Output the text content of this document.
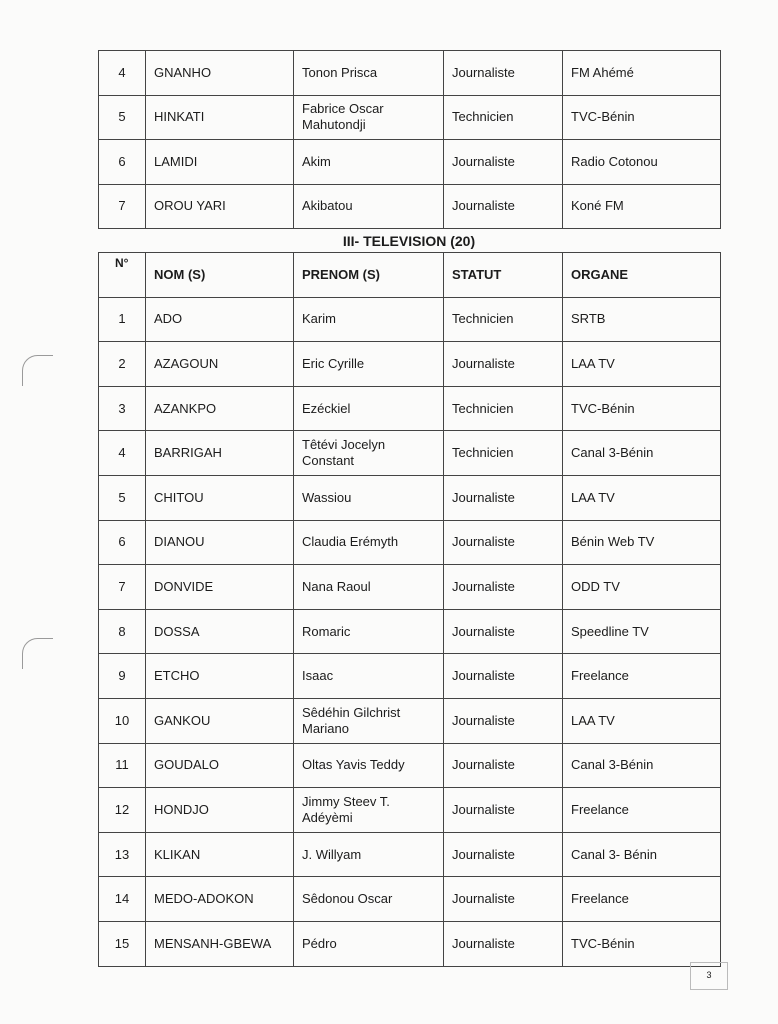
4	GNANHO	Tonon Prisca	Journaliste	FM Ahémé
5	HINKATI	Fabrice Oscar Mahutondji	Technicien	TVC-Bénin
6	LAMIDI	Akim	Journaliste	Radio Cotonou
7	OROU YARI	Akibatou	Journaliste	Koné FM
III- TELEVISION (20)
N°	NOM (S)	PRENOM (S)	STATUT	ORGANE
1	ADO	Karim	Technicien	SRTB
2	AZAGOUN	Eric Cyrille	Journaliste	LAA TV
3	AZANKPO	Ezéckiel	Technicien	TVC-Bénin
4	BARRIGAH	Têtévi Jocelyn Constant	Technicien	Canal 3-Bénin
5	CHITOU	Wassiou	Journaliste	LAA TV
6	DIANOU	Claudia Erémyth	Journaliste	Bénin Web TV
7	DONVIDE	Nana Raoul	Journaliste	ODD TV
8	DOSSA	Romaric	Journaliste	Speedline TV
9	ETCHO	Isaac	Journaliste	Freelance
10	GANKOU	Sêdéhin Gilchrist Mariano	Journaliste	LAA TV
11	GOUDALO	Oltas Yavis Teddy	Journaliste	Canal 3-Bénin
12	HONDJO	Jimmy Steev T. Adéyèmi	Journaliste	Freelance
13	KLIKAN	J. Willyam	Journaliste	Canal 3- Bénin
14	MEDO-ADOKON	Sêdonou Oscar	Journaliste	Freelance
15	MENSANH-GBEWA	Pédro	Journaliste	TVC-Bénin
3
